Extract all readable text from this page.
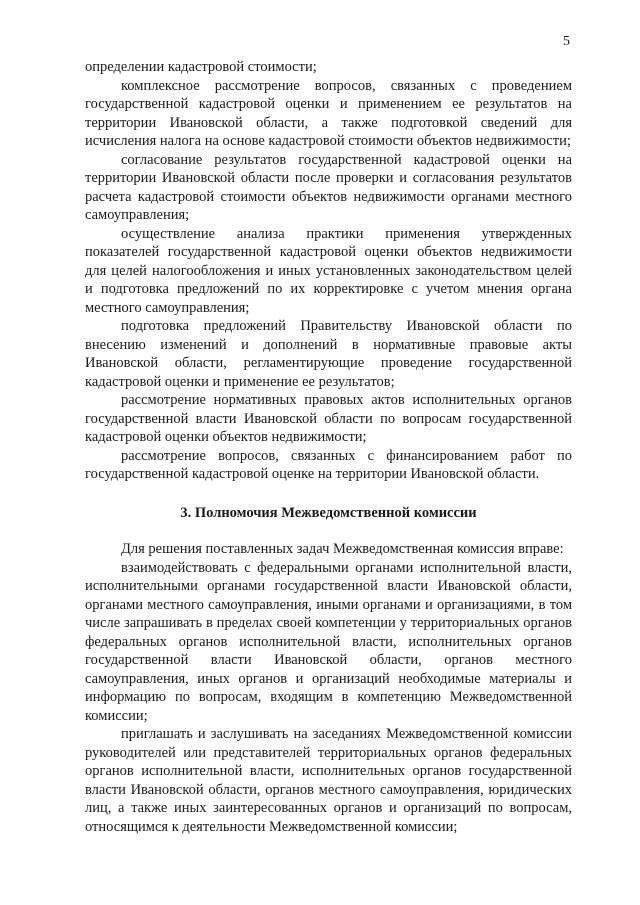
5

определении кадастровой стоимости;

комплексное рассмотрение вопросов, связанных с проведением государственной кадастровой оценки и применением ее результатов на территории Ивановской области, а также подготовкой сведений для исчисления налога на основе кадастровой стоимости объектов недвижимости;

согласование результатов государственной кадастровой оценки на территории Ивановской области после проверки и согласования результатов расчета кадастровой стоимости объектов недвижимости органами местного самоуправления;

осуществление анализа практики применения утвержденных показателей государственной кадастровой оценки объектов недвижимости для целей налогообложения и иных установленных законодательством целей и подготовка предложений по их корректировке с учетом мнения органа местного самоуправления;

подготовка предложений Правительству Ивановской области по внесению изменений и дополнений в нормативные правовые акты Ивановской области, регламентирующие проведение государственной кадастровой оценки и применение ее результатов;

рассмотрение нормативных правовых актов исполнительных органов государственной власти Ивановской области по вопросам государственной кадастровой оценки объектов недвижимости;

рассмотрение вопросов, связанных с финансированием работ по государственной кадастровой оценке на территории Ивановской области.

3. Полномочия Межведомственной комиссии

Для решения поставленных задач Межведомственная комиссия вправе:

взаимодействовать с федеральными органами исполнительной власти, исполнительными органами государственной власти Ивановской области, органами местного самоуправления, иными органами и организациями, в том числе запрашивать в пределах своей компетенции у территориальных органов федеральных органов исполнительной власти, исполнительных органов государственной власти Ивановской области, органов местного самоуправления, иных органов и организаций необходимые материалы и информацию по вопросам, входящим в компетенцию Межведомственной комиссии;

приглашать и заслушивать на заседаниях Межведомственной комиссии руководителей или представителей территориальных органов федеральных органов исполнительной власти, исполнительных органов государственной власти Ивановской области, органов местного самоуправления, юридических лиц, а также иных заинтересованных органов и организаций по вопросам, относящимся к деятельности Межведомственной комиссии;
